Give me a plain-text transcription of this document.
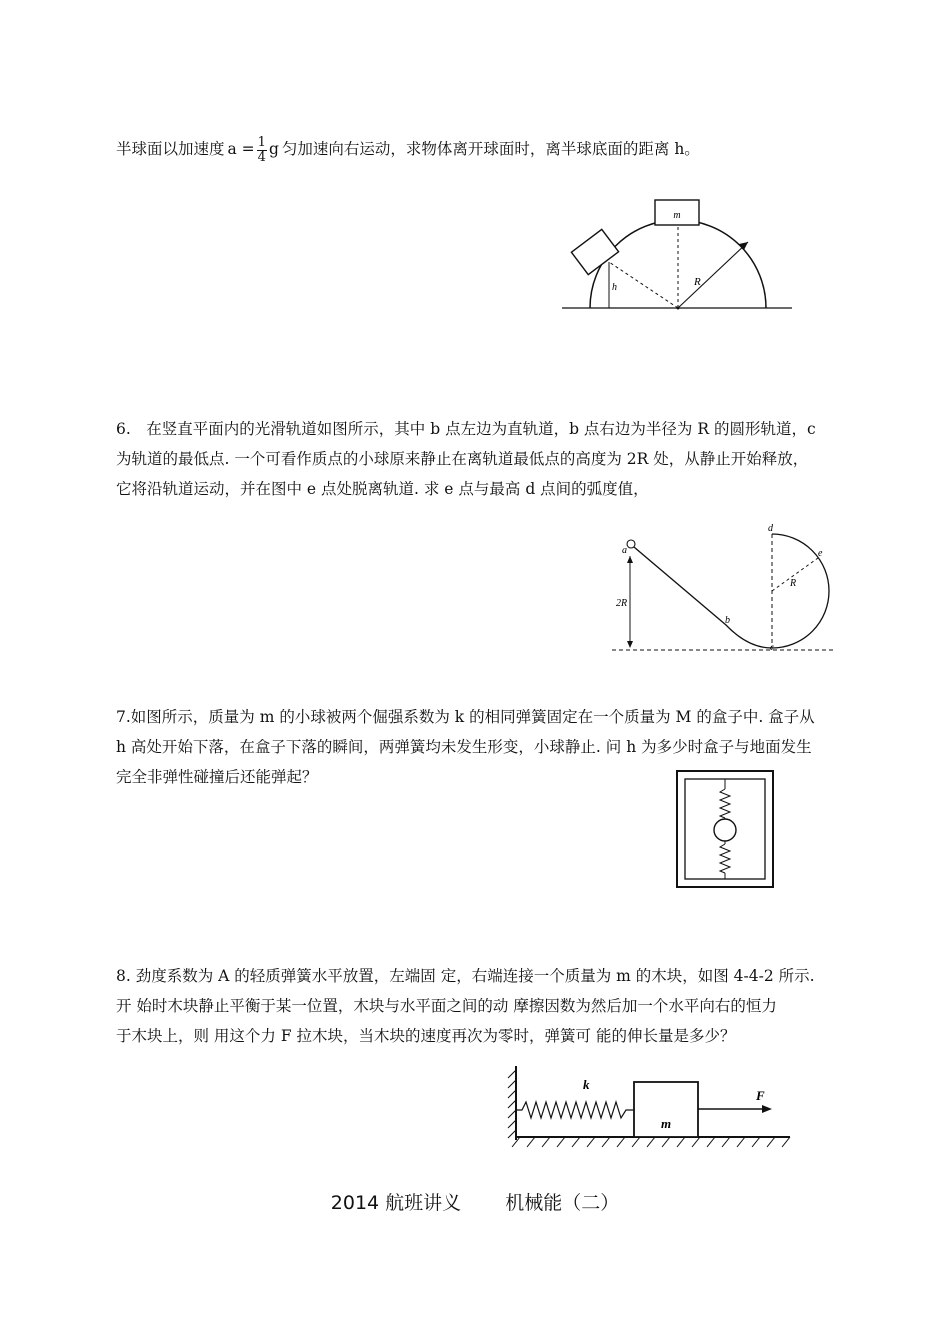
半球面以加速度 $a = \frac{1}{4}$ g 匀加速向右运动，求物体离开球面时，离半球底面的距离 h。
m
h	R
6.　在竖直平面内的光滑轨道如图所示，其中 b 点左边为直轨道，b 点右边为半径为 R 的圆形轨道，c
为轨道的最低点. 一个可看作质点的小球原来静止在离轨道最低点的高度为 2R 处，从静止开始释放，
它将沿轨道运动，并在图中 e 点处脱离轨道. 求 e 点与最高 d 点间的弧度值，
a
2R
b
d
e
R
c
7.如图所示，质量为 m 的小球被两个倔强系数为 k 的相同弹簧固定在一个质量为 M 的盒子中. 盒子从
h 高处开始下落，在盒子下落的瞬间，两弹簧均未发生形变，小球静止. 问 h 为多少时盒子与地面发生
完全非弹性碰撞后还能弹起？
8. 劲度系数为 A 的轻质弹簧水平放置，左端固 定，右端连接一个质量为 m 的木块，如图 4-4-2 所示.
开 始时木块静止平衡于某一位置，木块与水平面之间的动 摩擦因数为然后加一个水平向右的恒力
于木块上，则 用这个力 F 拉木块，当木块的速度再次为零时，弹簧可 能的伸长量是多少？
k
m
F
2014 航班讲义 机械能（二）
